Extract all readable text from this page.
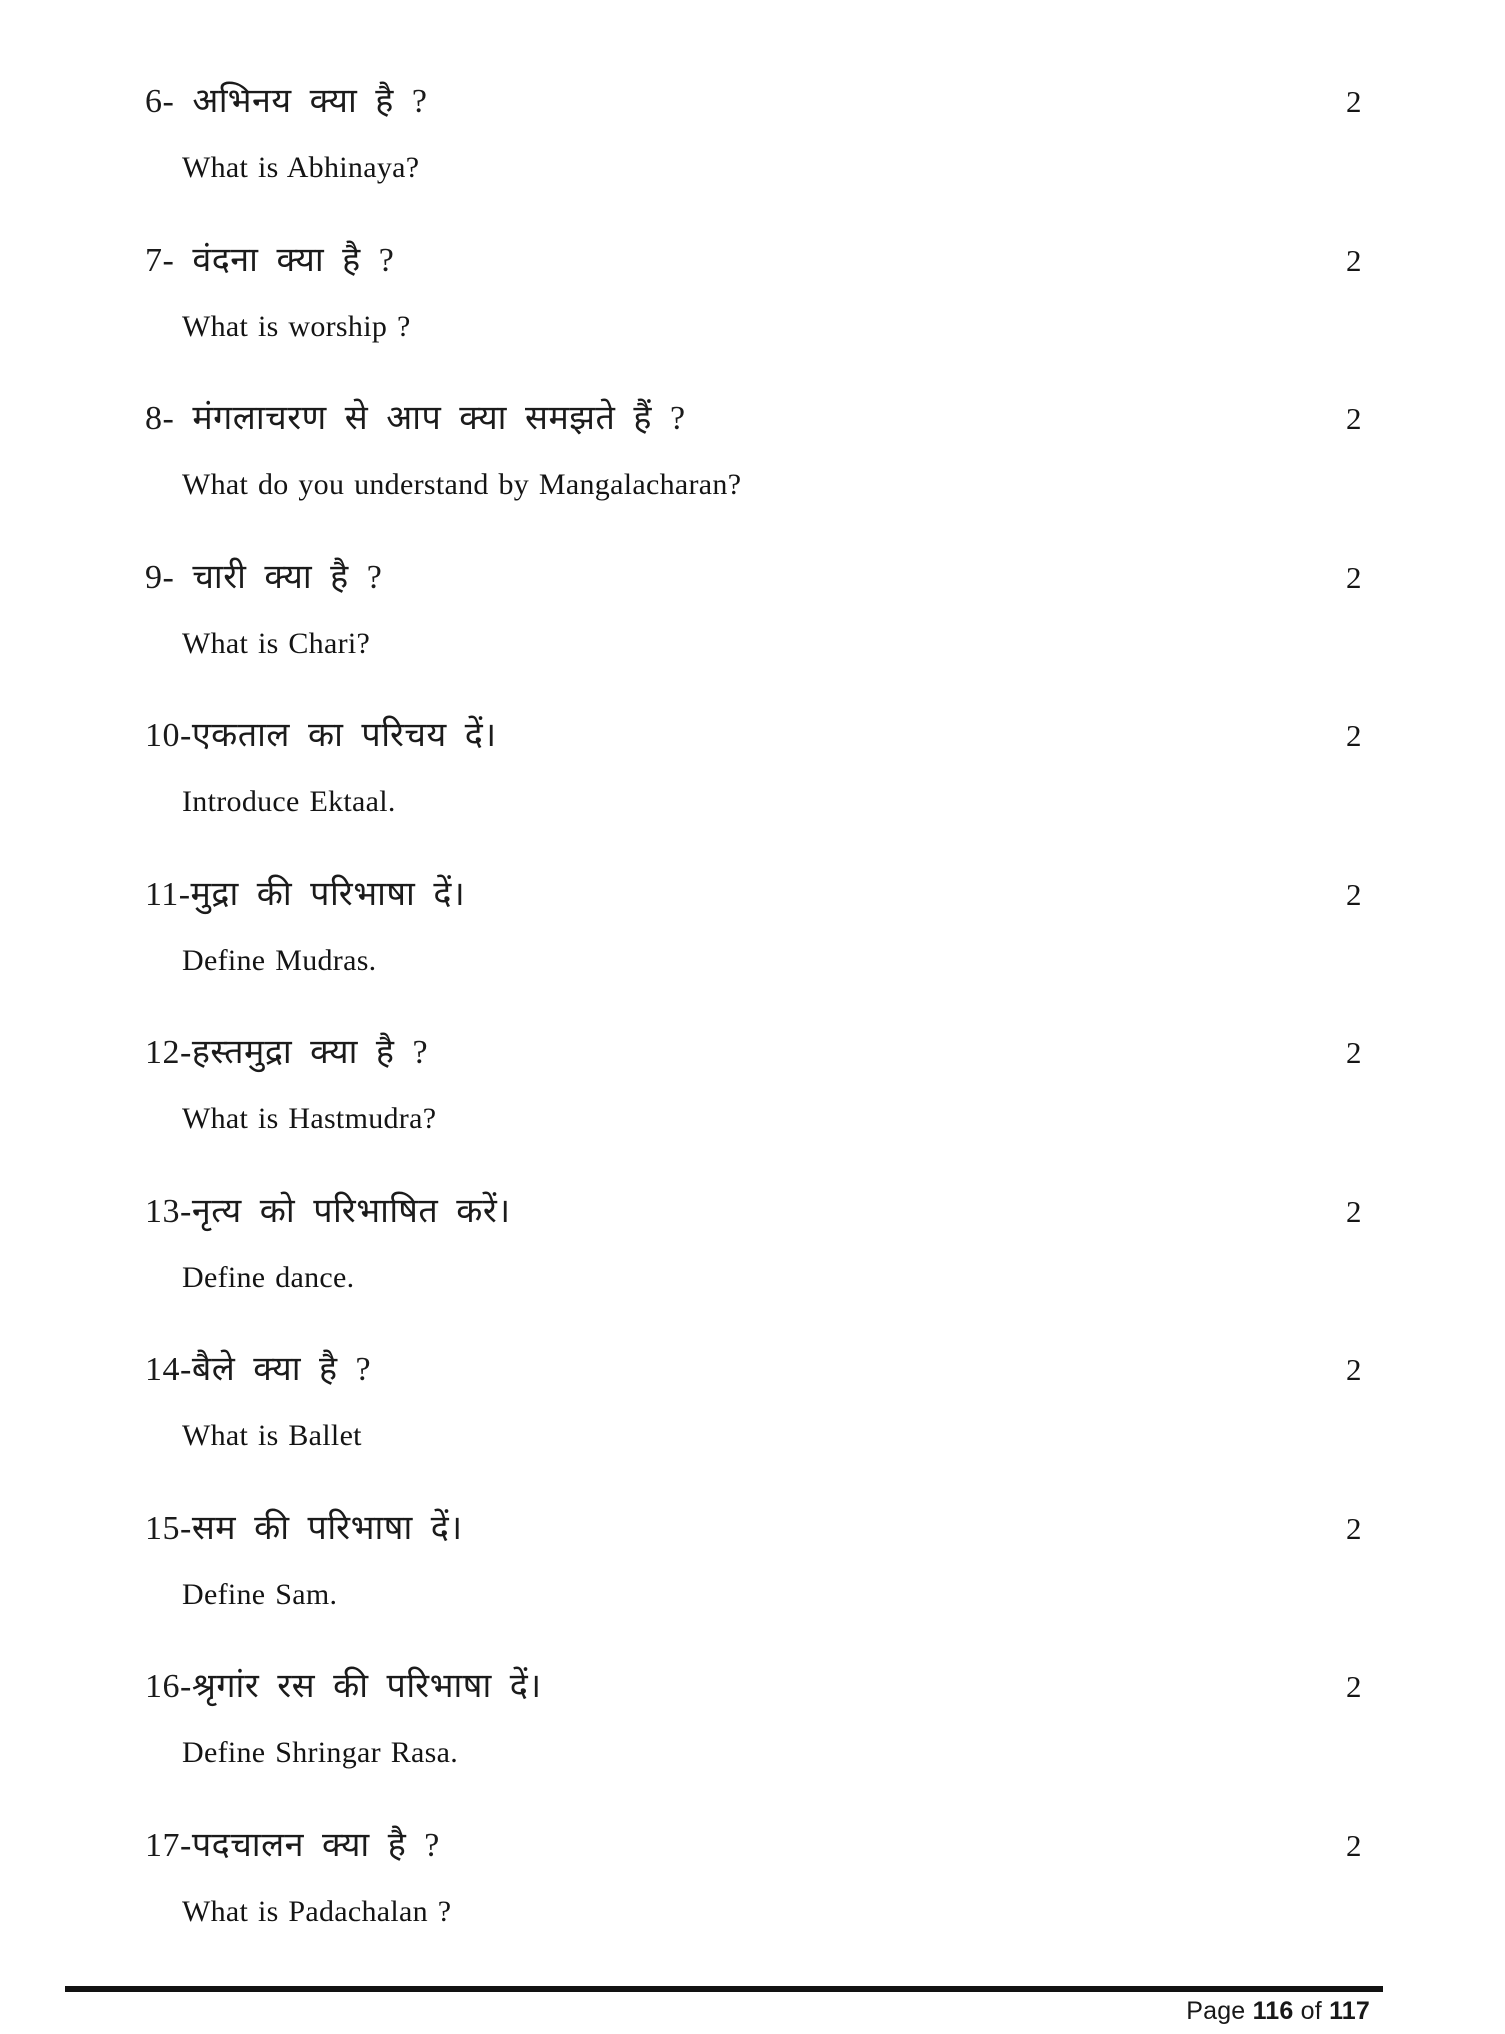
6- अभिनय क्या है ?	2
What is Abhinaya?
7- वंदना क्या है ?	2
What is worship ?
8- मंगलाचरण से आप क्या समझते हैं ?	2
What do you understand by Mangalacharan?
9- चारी क्या है ?	2
What is Chari?
10-एकताल का परिचय दें।	2
Introduce Ektaal.
11-मुद्रा की परिभाषा दें।	2
Define Mudras.
12-हस्तमुद्रा क्या है ?	2
What is Hastmudra?
13-नृत्य को परिभाषित करें।	2
Define dance.
14-बैले क्या है ?	2
What is Ballet
15-सम की परिभाषा दें।	2
Define Sam.
16-श्रृगांर रस की परिभाषा दें।	2
Define Shringar Rasa.
17-पदचालन क्या है ?	2
What is Padachalan ?
Page 116 of 117
